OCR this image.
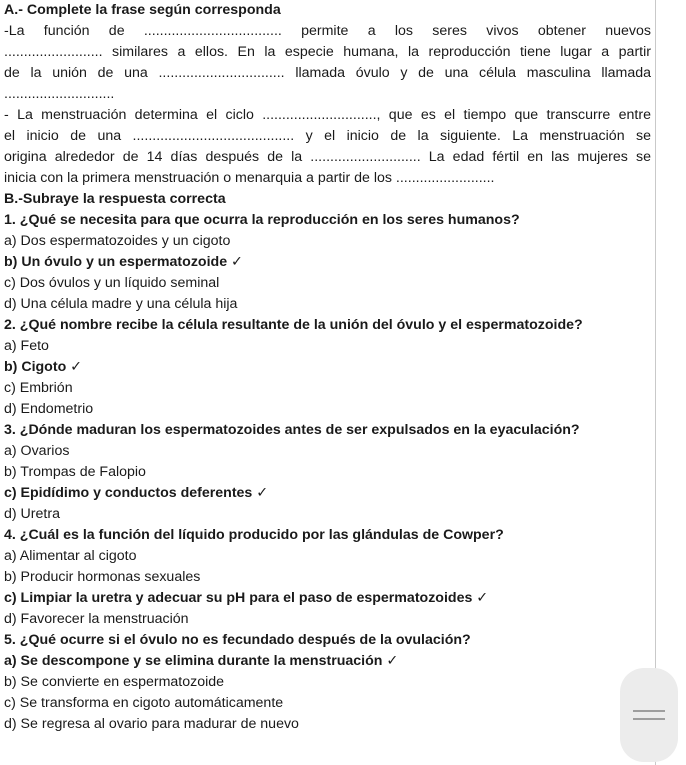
A.- Complete la frase según corresponda
-La función de ................................... permite a los seres vivos obtener nuevos
......................... similares a ellos. En la especie humana, la reproducción tiene lugar a partir
de la unión de una ................................ llamada óvulo y de una célula masculina llamada
............................
- La menstruación determina el ciclo ............................., que es el tiempo que transcurre entre
el inicio de una ......................................... y el inicio de la siguiente. La menstruación se
origina alrededor de 14 días después de la ............................ La edad fértil en las mujeres se
inicia con la primera menstruación o menarquia a partir de los .........................
B.-Subraye la respuesta correcta
1. ¿Qué se necesita para que ocurra la reproducción en los seres humanos?
a) Dos espermatozoides y un cigoto
b) Un óvulo y un espermatozoide ✓
c) Dos óvulos y un líquido seminal
d) Una célula madre y una célula hija
2. ¿Qué nombre recibe la célula resultante de la unión del óvulo y el espermatozoide?
a) Feto
b) Cigoto ✓
c) Embrión
d) Endometrio
3. ¿Dónde maduran los espermatozoides antes de ser expulsados en la eyaculación?
a) Ovarios
b) Trompas de Falopio
c) Epidídimo y conductos deferentes ✓
d) Uretra
4. ¿Cuál es la función del líquido producido por las glándulas de Cowper?
a) Alimentar al cigoto
b) Producir hormonas sexuales
c) Limpiar la uretra y adecuar su pH para el paso de espermatozoides ✓
d) Favorecer la menstruación
5. ¿Qué ocurre si el óvulo no es fecundado después de la ovulación?
a) Se descompone y se elimina durante la menstruación ✓
b) Se convierte en espermatozoide
c) Se transforma en cigoto automáticamente
d) Se regresa al ovario para madurar de nuevo
